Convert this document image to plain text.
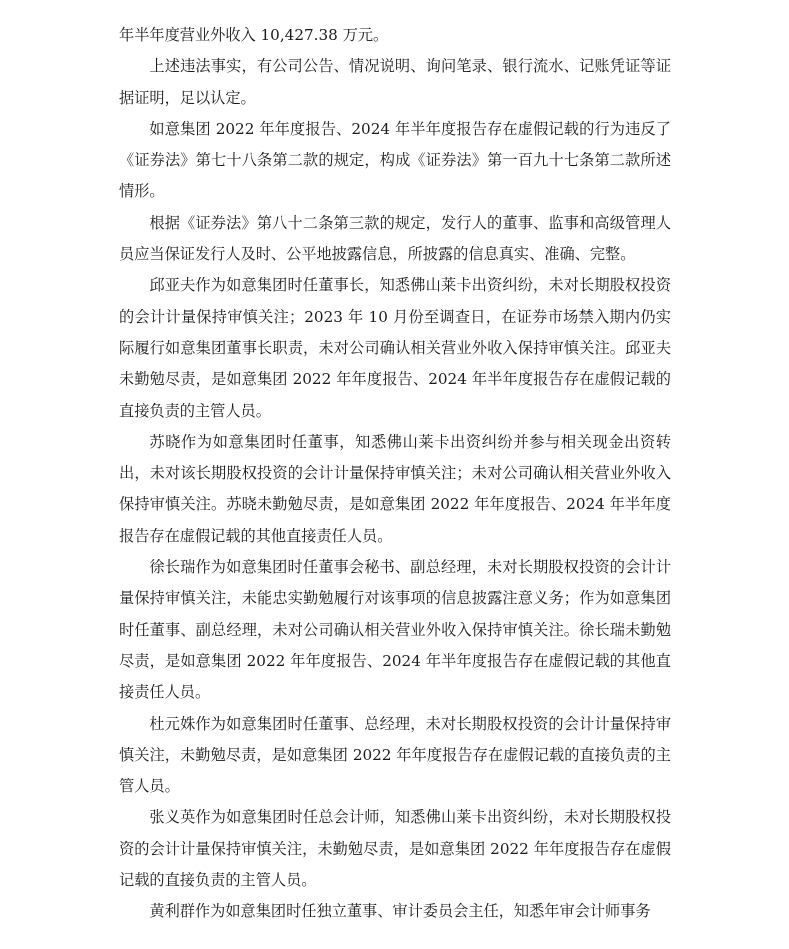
年半年度营业外收入 10,427.38 万元。

上述违法事实，有公司公告、情况说明、询问笔录、银行流水、记账凭证等证据证明，足以认定。

如意集团 2022 年年度报告、2024 年半年度报告存在虚假记载的行为违反了《证券法》第七十八条第二款的规定，构成《证券法》第一百九十七条第二款所述情形。

根据《证券法》第八十二条第三款的规定，发行人的董事、监事和高级管理人员应当保证发行人及时、公平地披露信息，所披露的信息真实、准确、完整。

邱亚夫作为如意集团时任董事长，知悉佛山莱卡出资纠纷，未对长期股权投资的会计计量保持审慎关注；2023 年 10 月份至调查日，在证券市场禁入期内仍实际履行如意集团董事长职责，未对公司确认相关营业外收入保持审慎关注。邱亚夫未勤勉尽责，是如意集团 2022 年年度报告、2024 年半年度报告存在虚假记载的直接负责的主管人员。

苏晓作为如意集团时任董事，知悉佛山莱卡出资纠纷并参与相关现金出资转出，未对该长期股权投资的会计计量保持审慎关注；未对公司确认相关营业外收入保持审慎关注。苏晓未勤勉尽责，是如意集团 2022 年年度报告、2024 年半年度报告存在虚假记载的其他直接责任人员。

徐长瑞作为如意集团时任董事会秘书、副总经理，未对长期股权投资的会计计量保持审慎关注，未能忠实勤勉履行对该事项的信息披露注意义务；作为如意集团时任董事、副总经理，未对公司确认相关营业外收入保持审慎关注。徐长瑞未勤勉尽责，是如意集团 2022 年年度报告、2024 年半年度报告存在虚假记载的其他直接责任人员。

杜元姝作为如意集团时任董事、总经理，未对长期股权投资的会计计量保持审慎关注，未勤勉尽责，是如意集团 2022 年年度报告存在虚假记载的直接负责的主管人员。

张义英作为如意集团时任总会计师，知悉佛山莱卡出资纠纷，未对长期股权投资的会计计量保持审慎关注，未勤勉尽责，是如意集团 2022 年年度报告存在虚假记载的直接负责的主管人员。

黄利群作为如意集团时任独立董事、审计委员会主任，知悉年审会计师事务
